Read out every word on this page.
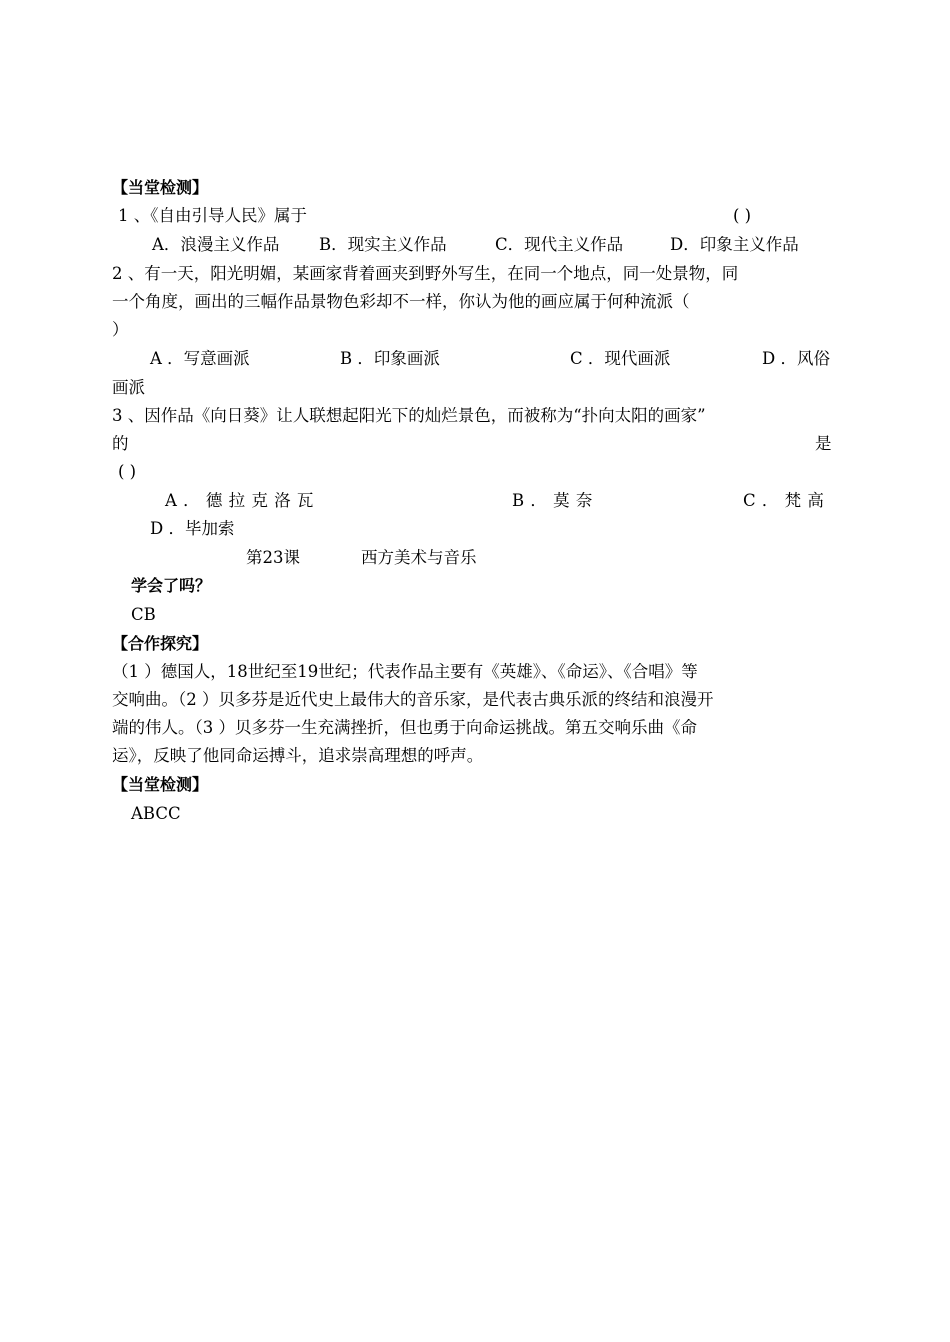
【当堂检测】
1 、《自由引导人民》属于	( )
A．浪漫主义作品 B．现实主义作品	C．现代主义作品	D．印象主义作品
2 、有一天，阳光明媚，某画家背着画夹到野外写生，在同一个地点，同一处景物，同
一个角度，画出的三幅作品景物色彩却不一样，你认为他的画应属于何种流派（
）
A ．写意画派	B ．印象画派	C ．现代画派	D ．风俗
画派
3 、因作品《向日葵》让人联想起阳光下的灿烂景色，而被称为“扑向太阳的画家”
的	是
( )
A ． 德 拉 克 洛 瓦	B ． 莫 奈	C ． 梵 高
D ．毕加索
第23课	西方美术与音乐
学会了吗？
CB
【合作探究】
（1 ）德国人，18世纪至19世纪；代表作品主要有《英雄》、《命运》、《合唱》等
交响曲。（2 ）贝多芬是近代史上最伟大的音乐家，是代表古典乐派的终结和浪漫开
端的伟人。（3 ）贝多芬一生充满挫折，但也勇于向命运挑战。第五交响乐曲《命
运》，反映了他同命运搏斗，追求崇高理想的呼声。
【当堂检测】
ABCC
